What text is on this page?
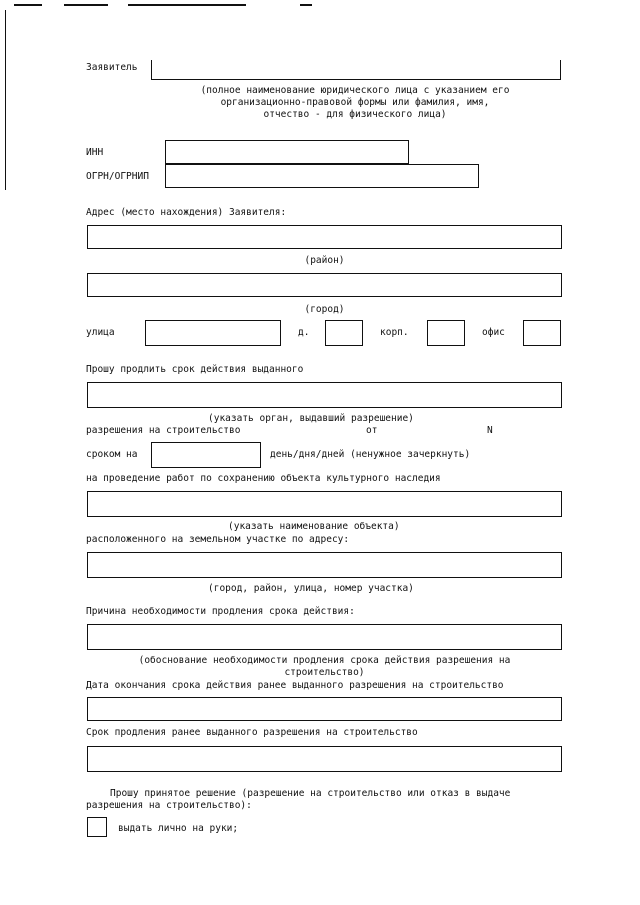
Заявитель
(полное наименование юридического лица с указанием его
организационно-правовой формы или фамилия, имя,
отчество - для физического лица)
ИНН
ОГРН/ОГРНИП
Адрес (место нахождения) Заявителя:
(район)
(город)
улица	д.	корп.	офис
Прошу продлить срок действия выданного
(указать орган, выдавший разрешение)
разрешения на строительство	от	N
сроком на	день/дня/дней (ненужное зачеркнуть)
на проведение работ по сохранению объекта культурного наследия
(указать наименование объекта)
расположенного на земельном участке по адресу:
(город, район, улица, номер участка)
Причина необходимости продления срока действия:
(обоснование необходимости продления срока действия разрешения на
строительство)
Дата окончания срока действия ранее выданного разрешения на строительство
Срок продления ранее выданного разрешения на строительство
Прошу принятое решение (разрешение на строительство или отказ в выдаче
разрешения на строительство):
выдать лично на руки;
